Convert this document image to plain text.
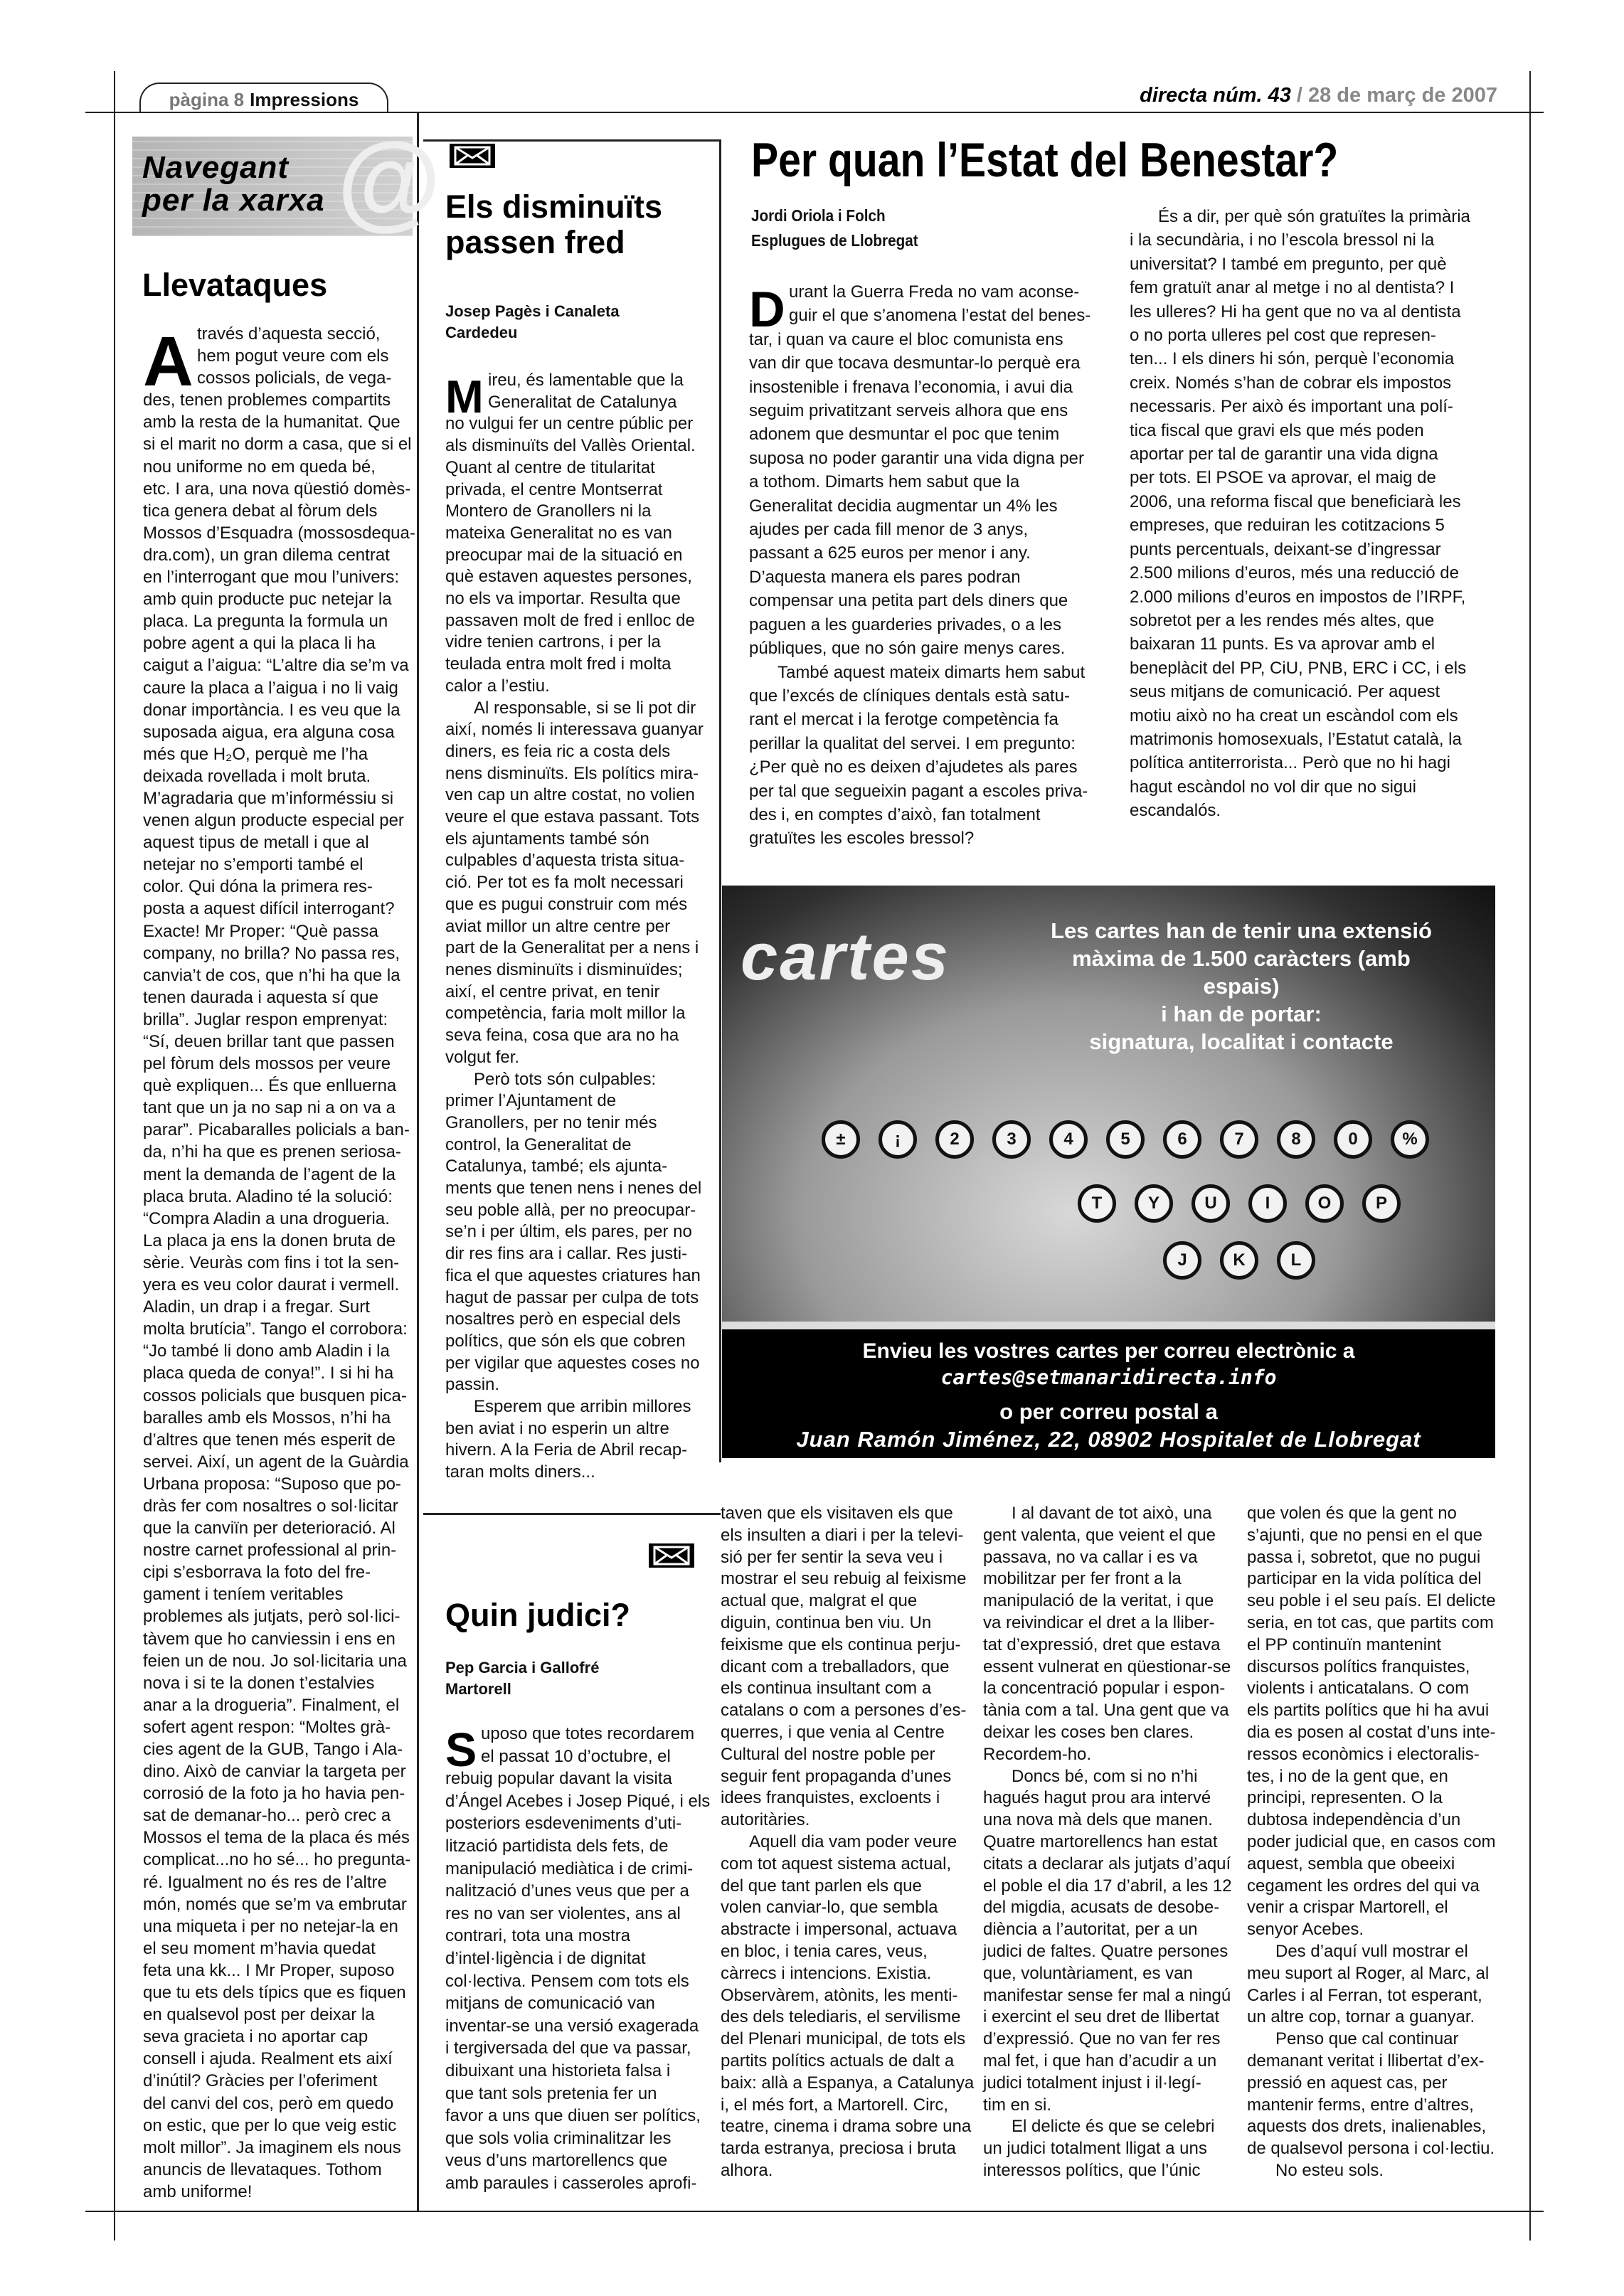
pàgina 8 Impressions	directa núm. 43 / 28 de març de 2007
@
Navegant
per la xarxa
Llevataques
través d’aquesta secció,
hem pogut veure com els
cossos policials, de vega-
des, tenen problemes compartits
amb la resta de la humanitat. Que
si el marit no dorm a casa, que si el
nou uniforme no em queda bé,
etc. I ara, una nova qüestió domès-
tica genera debat al fòrum dels
Mossos d’Esquadra (mossosdequa-
dra.com), un gran dilema centrat
en l’interrogant que mou l’univers:
amb quin producte puc netejar la
placa. La pregunta la formula un
pobre agent a qui la placa li ha
caigut a l’aigua: “L’altre dia se’m va
caure la placa a l’aigua i no li vaig
donar importància. I es veu que la
suposada aigua, era alguna cosa
més que H₂O, perquè me l’ha
deixada rovellada i molt bruta.
M’agradaria que m’informéssiu si
venen algun producte especial per
aquest tipus de metall i que al
netejar no s’emporti també el
color. Qui dóna la primera res-
posta a aquest difícil interrogant?
Exacte! Mr Proper: “Què passa
company, no brilla? No passa res,
canvia’t de cos, que n’hi ha que la
tenen daurada i aquesta sí que
brilla”. Juglar respon emprenyat:
“Sí, deuen brillar tant que passen
pel fòrum dels mossos per veure
què expliquen... És que enlluerna
tant que un ja no sap ni a on va a
parar”. Picabaralles policials a ban-
da, n’hi ha que es prenen seriosa-
ment la demanda de l’agent de la
placa bruta. Aladino té la solució:
“Compra Aladin a una drogueria.
La placa ja ens la donen bruta de
sèrie. Veuràs com fins i tot la sen-
yera es veu color daurat i vermell.
Aladin, un drap i a fregar. Surt
molta brutícia”. Tango el corrobora:
“Jo també li dono amb Aladin i la
placa queda de conya!”. I si hi ha
cossos policials que busquen pica-
baralles amb els Mossos, n’hi ha
d’altres que tenen més esperit de
servei. Així, un agent de la Guàrdia
Urbana proposa: “Suposo que po-
dràs fer com nosaltres o sol·licitar
que la canviïn per deterioració. Al
nostre carnet professional al prin-
cipi s’esborrava la foto del fre-
gament i teníem veritables
problemes als jutjats, però sol·lici-
tàvem que ho canviessin i ens en
feien un de nou. Jo sol·licitaria una
nova i si te la donen t’estalvies
anar a la drogueria”. Finalment, el
sofert agent respon: “Moltes grà-
cies agent de la GUB, Tango i Ala-
dino. Això de canviar la targeta per
corrosió de la foto ja ho havia pen-
sat de demanar-ho... però crec a
Mossos el tema de la placa és més
complicat...no ho sé... ho pregunta-
ré. Igualment no és res de l’altre
món, només que se’m va embrutar
una miqueta i per no netejar-la en
el seu moment m’havia quedat
feta una kk... I Mr Proper, suposo
que tu ets dels típics que es fiquen
en qualsevol post per deixar la
seva gracieta i no aportar cap
consell i ajuda. Realment ets així
d’inútil? Gràcies per l’oferiment
del canvi del cos, però em quedo
on estic, que per lo que veig estic
molt millor”. Ja imaginem els nous
anuncis de llevataques. Tothom
amb uniforme!
A
Els disminuïts
passen fred
Josep Pagès i Canaleta
Cardedeu
ireu, és lamentable que la
Generalitat de Catalunya
no vulgui fer un centre públic per
als disminuïts del Vallès Oriental.
Quant al centre de titularitat
privada, el centre Montserrat
Montero de Granollers ni la
mateixa Generalitat no es van
preocupar mai de la situació en
què estaven aquestes persones,
no els va importar. Resulta que
passaven molt de fred i enlloc de
vidre tenien cartrons, i per la
teulada entra molt fred i molta
calor a l’estiu.
Al responsable, si se li pot dir
així, només li interessava guanyar
diners, es feia ric a costa dels
nens disminuïts. Els polítics mira-
ven cap un altre costat, no volien
veure el que estava passant. Tots
els ajuntaments també són
culpables d’aquesta trista situa-
ció. Per tot es fa molt necessari
que es pugui construir com més
aviat millor un altre centre per
part de la Generalitat per a nens i
nenes disminuïts i disminuïdes;
així, el centre privat, en tenir
competència, faria molt millor la
seva feina, cosa que ara no ha
volgut fer.
Però tots són culpables:
primer l’Ajuntament de
Granollers, per no tenir més
control, la Generalitat de
Catalunya, també; els ajunta-
ments que tenen nens i nenes del
seu poble allà, per no preocupar-
se’n i per últim, els pares, per no
dir res fins ara i callar. Res justi-
fica el que aquestes criatures han
hagut de passar per culpa de tots
nosaltres però en especial dels
polítics, que són els que cobren
per vigilar que aquestes coses no
passin.
Esperem que arribin millores
ben aviat i no esperin un altre
hivern. A la Feria de Abril recap-
taran molts diners...
M
Per quan l’Estat del Benestar?
Jordi Oriola i Folch
Esplugues de Llobregat
urant la Guerra Freda no vam aconse-
guir el que s’anomena l’estat del benes-
tar, i quan va caure el bloc comunista ens
van dir que tocava desmuntar-lo perquè era
insostenible i frenava l’economia, i avui dia
seguim privatitzant serveis alhora que ens
adonem que desmuntar el poc que tenim
suposa no poder garantir una vida digna per
a tothom. Dimarts hem sabut que la
Generalitat decidia augmentar un 4% les
ajudes per cada fill menor de 3 anys,
passant a 625 euros per menor i any.
D’aquesta manera els pares podran
compensar una petita part dels diners que
paguen a les guarderies privades, o a les
públiques, que no són gaire menys cares.
També aquest mateix dimarts hem sabut
que l’excés de clíniques dentals està satu-
rant el mercat i la ferotge competència fa
perillar la qualitat del servei. I em pregunto:
¿Per què no es deixen d’ajudetes als pares
per tal que segueixin pagant a escoles priva-
des i, en comptes d’això, fan totalment
gratuïtes les escoles bressol?
D
És a dir, per què són gratuïtes la primària
i la secundària, i no l’escola bressol ni la
universitat? I també em pregunto, per què
fem gratuït anar al metge i no al dentista? I
les ulleres? Hi ha gent que no va al dentista
o no porta ulleres pel cost que represen-
ten... I els diners hi són, perquè l’economia
creix. Només s’han de cobrar els impostos
necessaris. Per això és important una polí-
tica fiscal que gravi els que més poden
aportar per tal de garantir una vida digna
per tots. El PSOE va aprovar, el maig de
2006, una reforma fiscal que beneficiarà les
empreses, que reduiran les cotitzacions 5
punts percentuals, deixant-se d’ingressar
2.500 milions d’euros, més una reducció de
2.000 milions d’euros en impostos de l’IRPF,
sobretot per a les rendes més altes, que
baixaran 11 punts. Es va aprovar amb el
beneplàcit del PP, CiU, PNB, ERC i CC, i els
seus mitjans de comunicació. Per aquest
motiu això no ha creat un escàndol com els
matrimonis homosexuals, l’Estatut català, la
política antiterrorista... Però que no hi hagi
hagut escàndol no vol dir que no sigui
escandalós.
±	¡	2	3	4	5	6	7	8	0	%
P
O
I
U
Y
T
J	K	L
cartes	Les cartes han de tenir una extensió
màxima de 1.500 caràcters (amb espais)
i han de portar:
signatura, localitat i contacte
Envieu les vostres cartes per correu electrònic a
cartes@setmanaridirecta.info
o per correu postal a
Juan Ramón Jiménez, 22, 08902 Hospitalet de Llobregat
Quin judici?
Pep Garcia i Gallofré
Martorell
uposo que totes recordarem
el passat 10 d’octubre, el
rebuig popular davant la visita
d’Ángel Acebes i Josep Piqué, i els
posteriors esdeveniments d’uti-
lització partidista dels fets, de
manipulació mediàtica i de crimi-
nalització d’unes veus que per a
res no van ser violentes, ans al
contrari, tota una mostra
d’intel·ligència i de dignitat
col·lectiva. Pensem com tots els
mitjans de comunicació van
inventar-se una versió exagerada
i tergiversada del que va passar,
dibuixant una historieta falsa i
que tant sols pretenia fer un
favor a uns que diuen ser polítics,
que sols volia criminalitzar les
veus d’uns martorellencs que
amb paraules i casseroles aprofi-
S
taven que els visitaven els que
els insulten a diari i per la televi-
sió per fer sentir la seva veu i
mostrar el seu rebuig al feixisme
actual que, malgrat el que
diguin, continua ben viu. Un
feixisme que els continua perju-
dicant com a treballadors, que
els continua insultant com a
catalans o com a persones d’es-
querres, i que venia al Centre
Cultural del nostre poble per
seguir fent propaganda d’unes
idees franquistes, excloents i
autoritàries.
Aquell dia vam poder veure
com tot aquest sistema actual,
del que tant parlen els que
volen canviar-lo, que sembla
abstracte i impersonal, actuava
en bloc, i tenia cares, veus,
càrrecs i intencions. Existia.
Observàrem, atònits, les menti-
des dels telediaris, el servilisme
del Plenari municipal, de tots els
partits polítics actuals de dalt a
baix: allà a Espanya, a Catalunya
i, el més fort, a Martorell. Circ,
teatre, cinema i drama sobre una
tarda estranya, preciosa i bruta
alhora.
I al davant de tot això, una
gent valenta, que veient el que
passava, no va callar i es va
mobilitzar per fer front a la
manipulació de la veritat, i que
va reivindicar el dret a la lliber-
tat d’expressió, dret que estava
essent vulnerat en qüestionar-se
la concentració popular i espon-
tània com a tal. Una gent que va
deixar les coses ben clares.
Recordem-ho.
Doncs bé, com si no n’hi
hagués hagut prou ara intervé
una nova mà dels que manen.
Quatre martorellencs han estat
citats a declarar als jutjats d’aquí
el poble el dia 17 d’abril, a les 12
del migdia, acusats de desobe-
diència a l’autoritat, per a un
judici de faltes. Quatre persones
que, voluntàriament, es van
manifestar sense fer mal a ningú
i exercint el seu dret de llibertat
d’expressió. Que no van fer res
mal fet, i que han d’acudir a un
judici totalment injust i il·legí-
tim en si.
El delicte és que se celebri
un judici totalment lligat a uns
interessos polítics, que l’únic
que volen és que la gent no
s’ajunti, que no pensi en el que
passa i, sobretot, que no pugui
participar en la vida política del
seu poble i el seu país. El delicte
seria, en tot cas, que partits com
el PP continuïn mantenint
discursos polítics franquistes,
violents i anticatalans. O com
els partits polítics que hi ha avui
dia es posen al costat d’uns inte-
ressos econòmics i electoralis-
tes, i no de la gent que, en
principi, representen. O la
dubtosa independència d’un
poder judicial que, en casos com
aquest, sembla que obeeixi
cegament les ordres del qui va
venir a crispar Martorell, el
senyor Acebes.
Des d’aquí vull mostrar el
meu suport al Roger, al Marc, al
Carles i al Ferran, tot esperant,
un altre cop, tornar a guanyar.
Penso que cal continuar
demanant veritat i llibertat d’ex-
pressió en aquest cas, per
mantenir ferms, entre d’altres,
aquests dos drets, inalienables,
de qualsevol persona i col·lectiu.
No esteu sols.
